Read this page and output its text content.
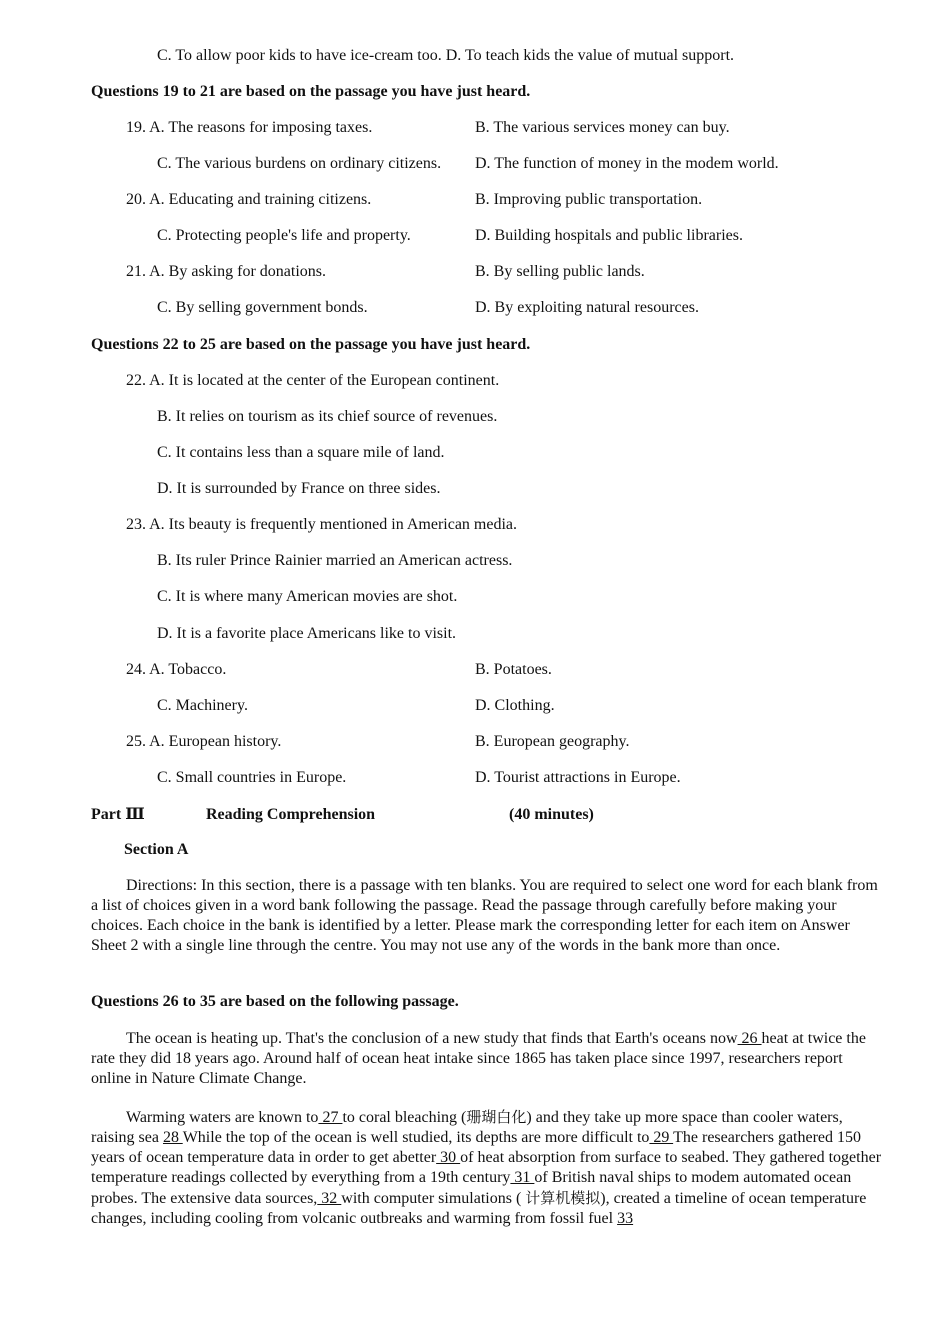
C. To allow poor kids to have ice-cream too. D. To teach kids the value of mutual support.
Questions 19 to 21 are based on the passage you have just heard.
19. A. The reasons for imposing taxes.	B. The various services money can buy.
C. The various burdens on ordinary citizens. D. The function of money in the modem world.
20. A. Educating and training citizens.	B. Improving public transportation.
C. Protecting people's life and property.	D. Building hospitals and public libraries.
21. A. By asking for donations.	B. By selling public lands.
C. By selling government bonds.	D. By exploiting natural resources.
Questions 22 to 25 are based on the passage you have just heard.
22. A. It is located at the center of the European continent.
B. It relies on tourism as its chief source of revenues.
C. It contains less than a square mile of land.
D. It is surrounded by France on three sides.
23. A. Its beauty is frequently mentioned in American media.
B. Its ruler Prince Rainier married an American actress.
C. It is where many American movies are shot.
D. It is a favorite place Americans like to visit.
24. A. Tobacco.	B. Potatoes.
C. Machinery.	D. Clothing.
25. A. European history.	B. European geography.
C. Small countries in Europe.	D. Tourist attractions in Europe.
Part Ⅲ	Reading Comprehension	(40 minutes)
Section A
Directions: In this section, there is a passage with ten blanks. You are required to select one word for each blank from a list of choices given in a word bank following the passage. Read the passage through carefully before making your choices. Each choice in the bank is identified by a letter. Please mark the corresponding letter for each item on Answer Sheet 2 with a single line through the centre. You may not use any of the words in the bank more than once.
Questions 26 to 35 are based on the following passage.
The ocean is heating up. That's the conclusion of a new study that finds that Earth's oceans now 26 heat at twice the rate they did 18 years ago. Around half of ocean heat intake since 1865 has taken place since 1997, researchers report online in Nature Climate Change.
Warming waters are known to 27 to coral bleaching (珊瑚白化) and they take up more space than cooler waters, raising sea 28 While the top of the ocean is well studied, its depths are more difficult to 29 The researchers gathered 150 years of ocean temperature data in order to get abetter 30 of heat absorption from surface to seabed. They gathered together temperature readings collected by everything from a 19th century 31 of British naval ships to modem automated ocean probes. The extensive data sources, 32 with computer simulations ( 计算机模拟), created a timeline of ocean temperature changes, including cooling from volcanic outbreaks and warming from fossil fuel 33
